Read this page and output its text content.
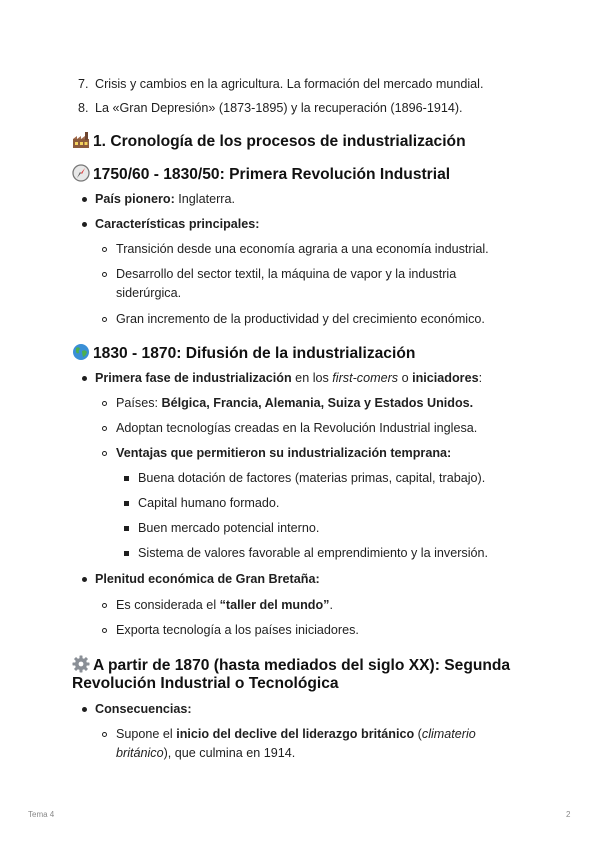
7. Crisis y cambios en la agricultura. La formación del mercado mundial.
8. La «Gran Depresión» (1873-1895) y la recuperación (1896-1914).
1. Cronología de los procesos de industrialización
1750/60 - 1830/50: Primera Revolución Industrial
País pionero: Inglaterra.
Características principales:
Transición desde una economía agraria a una economía industrial.
Desarrollo del sector textil, la máquina de vapor y la industria
siderúrgica.
Gran incremento de la productividad y del crecimiento económico.
1830 - 1870: Difusión de la industrialización
Primera fase de industrialización en los first-comers o iniciadores:
Países: Bélgica, Francia, Alemania, Suiza y Estados Unidos.
Adoptan tecnologías creadas en la Revolución Industrial inglesa.
Ventajas que permitieron su industrialización temprana:
Buena dotación de factores (materias primas, capital, trabajo).
Capital humano formado.
Buen mercado potencial interno.
Sistema de valores favorable al emprendimiento y la inversión.
Plenitud económica de Gran Bretaña:
Es considerada el “taller del mundo”.
Exporta tecnología a los países iniciadores.
A partir de 1870 (hasta mediados del siglo XX): Segunda
Revolución Industrial o Tecnológica
Consecuencias:
Supone el inicio del declive del liderazgo británico (climaterio
británico), que culmina en 1914.
Tema 4	2
